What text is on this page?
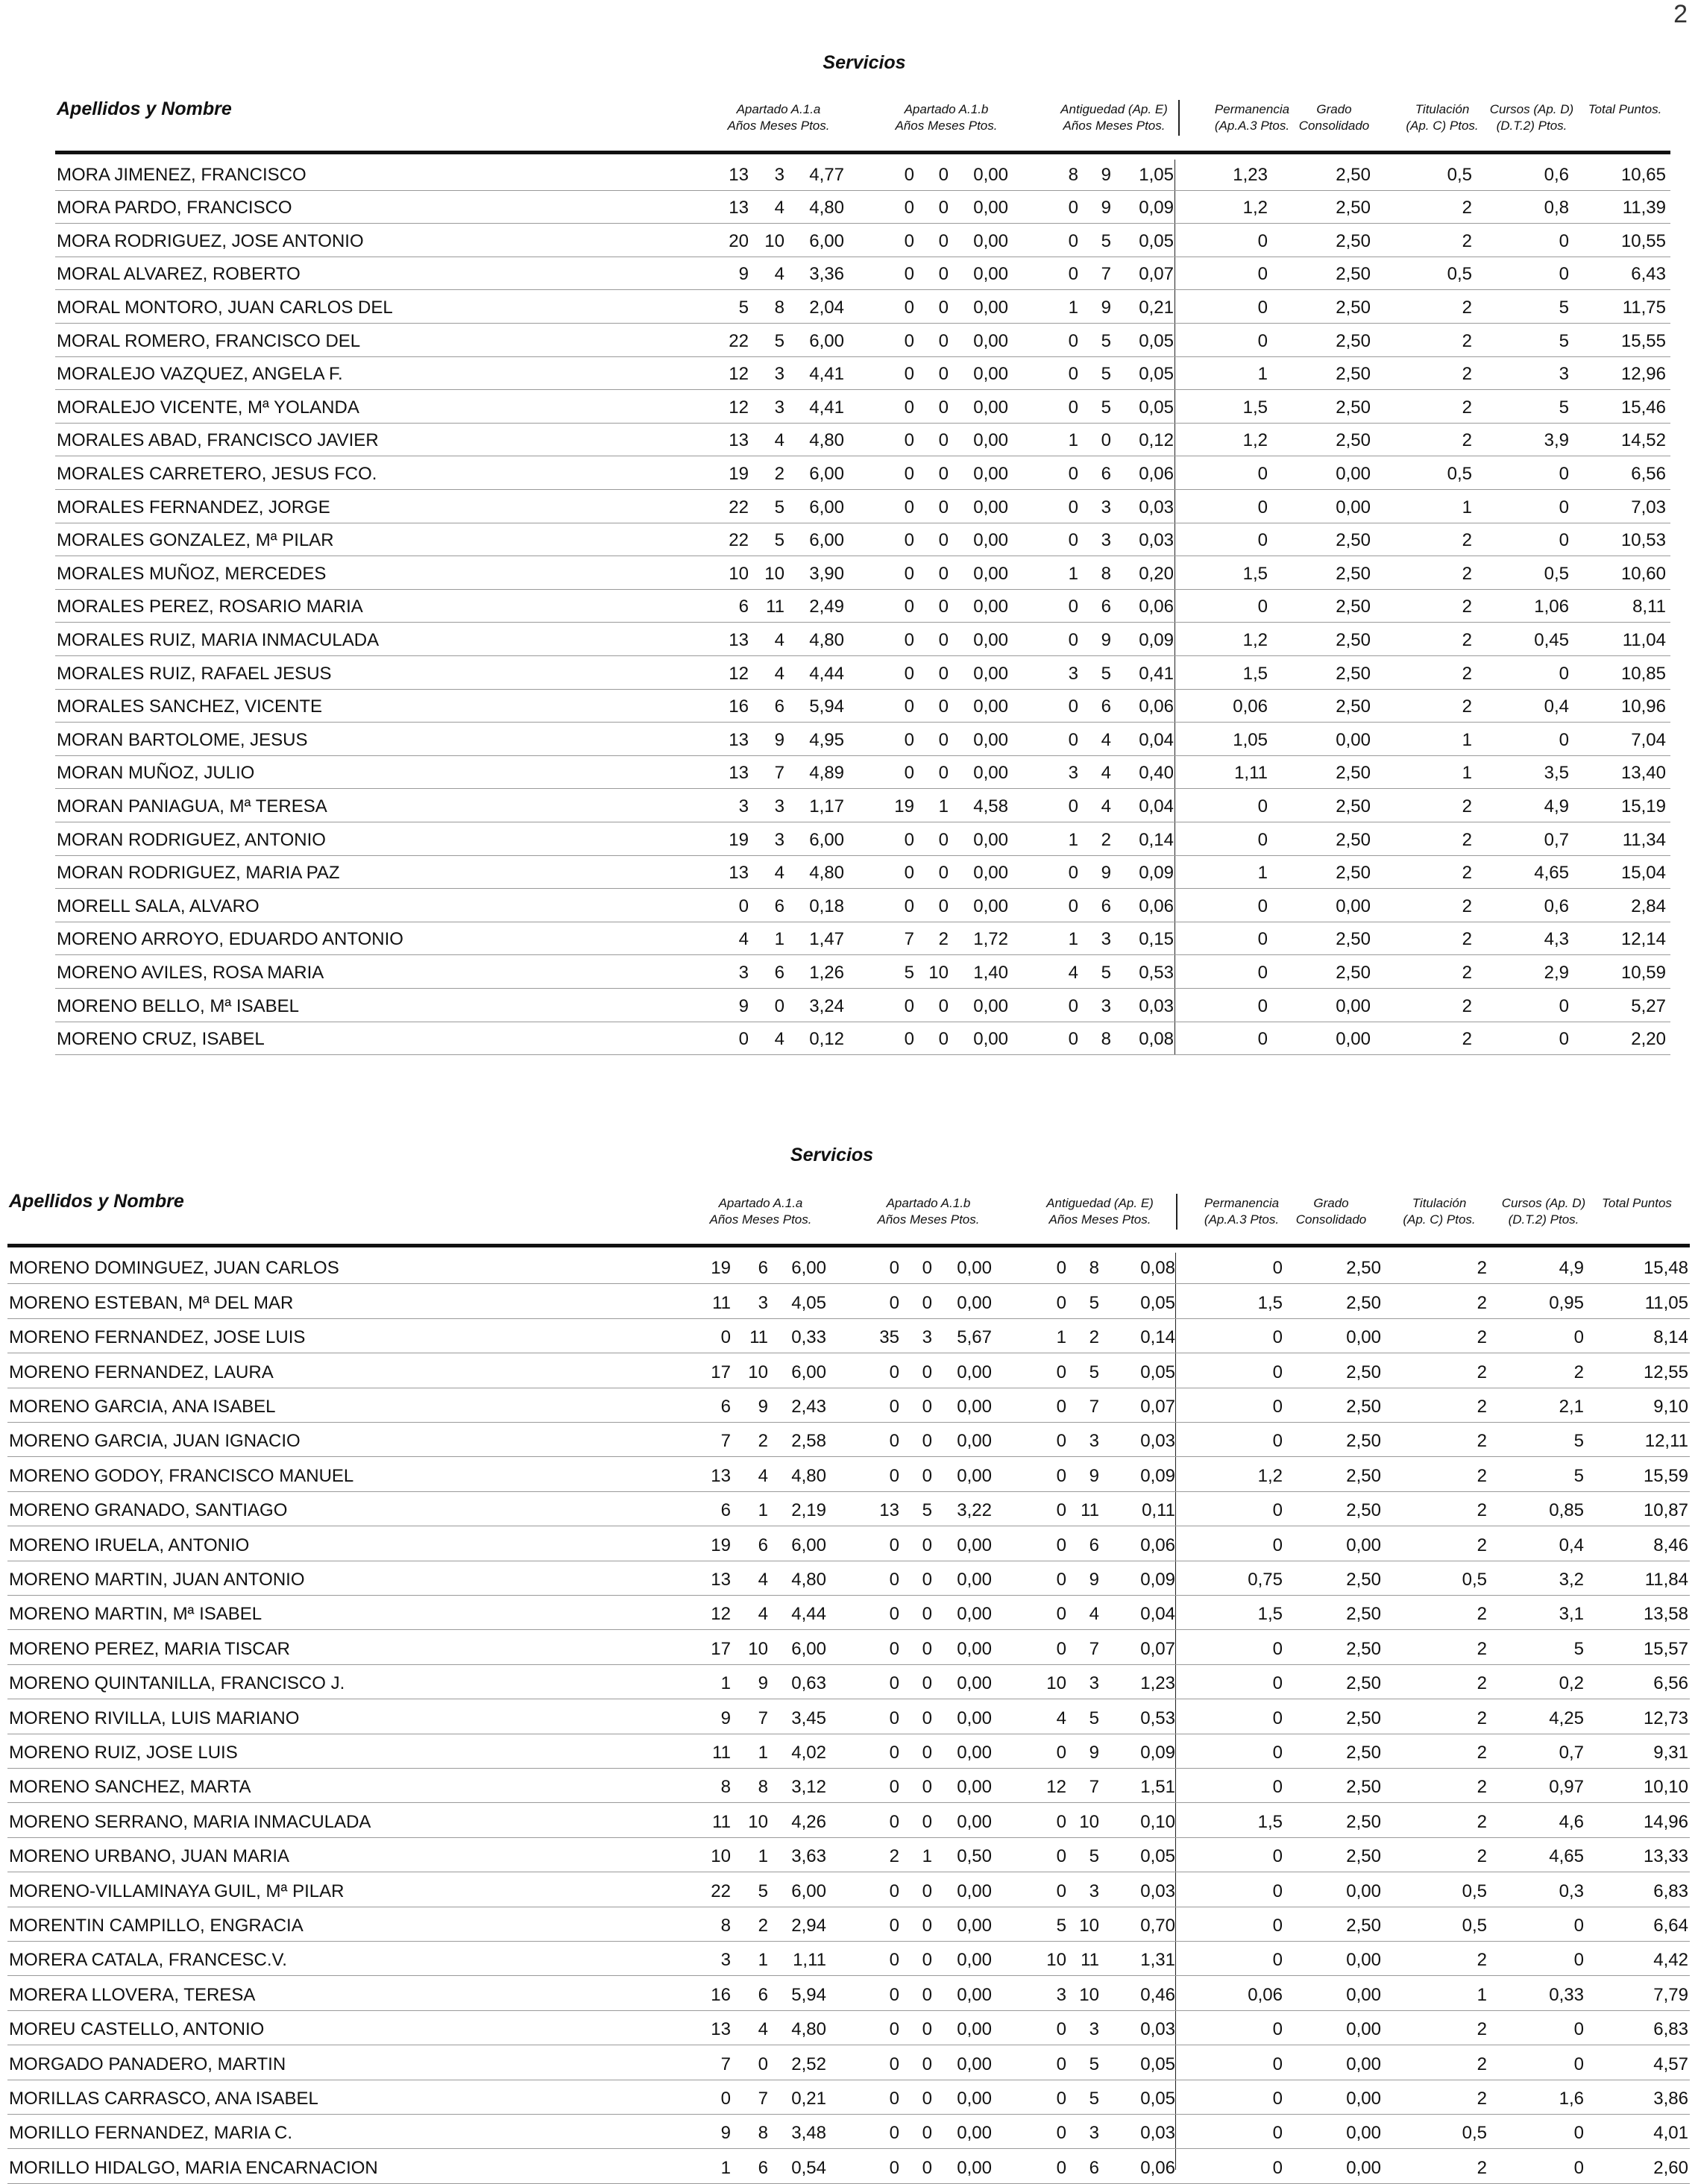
2
Servicios
Apellidos y Nombre	Apartado A.1.a
Años Meses Ptos.
Apartado A.1.b
Años Meses Ptos.
Antiguedad (Ap. E)
Años Meses Ptos.
Permanencia
(Ap.A.3 Ptos.
Grado
Consolidado
Titulación
(Ap. C) Ptos.
Cursos (Ap. D)
(D.T.2) Ptos.
Total Puntos.
MORA JIMENEZ, FRANCISCO	13 3 4,77	0 0 0,00	8 9 1,05	1,23	2,50	0,5	0,6	10,65
MORA PARDO, FRANCISCO	13 4 4,80	0 0 0,00	0 9 0,09	1,2	2,50	2	0,8	11,39
MORA RODRIGUEZ, JOSE ANTONIO	20 10 6,00	0 0 0,00	0 5 0,05	0	2,50	2	0	10,55
MORAL ALVAREZ, ROBERTO	9 4 3,36	0 0 0,00	0 7 0,07	0	2,50	0,5	0	6,43
MORAL MONTORO, JUAN CARLOS DEL	5 8 2,04	0 0 0,00	1 9 0,21	0	2,50	2	5	11,75
MORAL ROMERO, FRANCISCO DEL	22 5 6,00	0 0 0,00	0 5 0,05	0	2,50	2	5	15,55
MORALEJO VAZQUEZ, ANGELA F.	12 3 4,41	0 0 0,00	0 5 0,05	1	2,50	2	3	12,96
MORALEJO VICENTE, Mª YOLANDA	12 3 4,41	0 0 0,00	0 5 0,05	1,5	2,50	2	5	15,46
MORALES ABAD, FRANCISCO JAVIER	13 4 4,80	0 0 0,00	1 0 0,12	1,2	2,50	2	3,9	14,52
MORALES CARRETERO, JESUS FCO.	19 2 6,00	0 0 0,00	0 6 0,06	0	0,00	0,5	0	6,56
MORALES FERNANDEZ, JORGE	22 5 6,00	0 0 0,00	0 3 0,03	0	0,00	1	0	7,03
MORALES GONZALEZ, Mª PILAR	22 5 6,00	0 0 0,00	0 3 0,03	0	2,50	2	0	10,53
MORALES MUÑOZ, MERCEDES	10 10 3,90	0 0 0,00	1 8 0,20	1,5	2,50	2	0,5	10,60
MORALES PEREZ, ROSARIO MARIA	6 11 2,49	0 0 0,00	0 6 0,06	0	2,50	2	1,06	8,11
MORALES RUIZ, MARIA INMACULADA	13 4 4,80	0 0 0,00	0 9 0,09	1,2	2,50	2	0,45	11,04
MORALES RUIZ, RAFAEL JESUS	12 4 4,44	0 0 0,00	3 5 0,41	1,5	2,50	2	0	10,85
MORALES SANCHEZ, VICENTE	16 6 5,94	0 0 0,00	0 6 0,06	0,06	2,50	2	0,4	10,96
MORAN BARTOLOME, JESUS	13 9 4,95	0 0 0,00	0 4 0,04	1,05	0,00	1	0	7,04
MORAN MUÑOZ, JULIO	13 7 4,89	0 0 0,00	3 4 0,40	1,11	2,50	1	3,5	13,40
MORAN PANIAGUA, Mª TERESA	3 3 1,17	19 1 4,58	0 4 0,04	0	2,50	2	4,9	15,19
MORAN RODRIGUEZ, ANTONIO	19 3 6,00	0 0 0,00	1 2 0,14	0	2,50	2	0,7	11,34
MORAN RODRIGUEZ, MARIA PAZ	13 4 4,80	0 0 0,00	0 9 0,09	1	2,50	2	4,65	15,04
MORELL SALA, ALVARO	0 6 0,18	0 0 0,00	0 6 0,06	0	0,00	2	0,6	2,84
MORENO ARROYO, EDUARDO ANTONIO	4 1 1,47	7 2 1,72	1 3 0,15	0	2,50	2	4,3	12,14
MORENO AVILES, ROSA MARIA	3 6 1,26	5 10 1,40	4 5 0,53	0	2,50	2	2,9	10,59
MORENO BELLO, Mª ISABEL	9 0 3,24	0 0 0,00	0 3 0,03	0	0,00	2	0	5,27
MORENO CRUZ, ISABEL	0 4 0,12	0 0 0,00	0 8 0,08	0	0,00	2	0	2,20
Servicios
Apellidos y Nombre	Apartado A.1.a
Años Meses Ptos.
Apartado A.1.b
Años Meses Ptos.
Antiguedad (Ap. E)
Años Meses Ptos.
Permanencia
(Ap.A.3 Ptos.
Grado
Consolidado
Titulación
(Ap. C) Ptos.
Cursos (Ap. D)
(D.T.2) Ptos.
Total Puntos
MORENO DOMINGUEZ, JUAN CARLOS	19 6 6,00	0 0 0,00	0 8 0,08	0	2,50	2	4,9	15,48
MORENO ESTEBAN, Mª DEL MAR	11 3 4,05	0 0 0,00	0 5 0,05	1,5	2,50	2	0,95	11,05
MORENO FERNANDEZ, JOSE LUIS	0 11 0,33	35 3 5,67	1 2 0,14	0	0,00	2	0	8,14
MORENO FERNANDEZ, LAURA	17 10 6,00	0 0 0,00	0 5 0,05	0	2,50	2	2	12,55
MORENO GARCIA, ANA ISABEL	6 9 2,43	0 0 0,00	0 7 0,07	0	2,50	2	2,1	9,10
MORENO GARCIA, JUAN IGNACIO	7 2 2,58	0 0 0,00	0 3 0,03	0	2,50	2	5	12,11
MORENO GODOY, FRANCISCO MANUEL	13 4 4,80	0 0 0,00	0 9 0,09	1,2	2,50	2	5	15,59
MORENO GRANADO, SANTIAGO	6 1 2,19	13 5 3,22	0 11 0,11	0	2,50	2	0,85	10,87
MORENO IRUELA, ANTONIO	19 6 6,00	0 0 0,00	0 6 0,06	0	0,00	2	0,4	8,46
MORENO MARTIN, JUAN ANTONIO	13 4 4,80	0 0 0,00	0 9 0,09	0,75	2,50	0,5	3,2	11,84
MORENO MARTIN, Mª ISABEL	12 4 4,44	0 0 0,00	0 4 0,04	1,5	2,50	2	3,1	13,58
MORENO PEREZ, MARIA TISCAR	17 10 6,00	0 0 0,00	0 7 0,07	0	2,50	2	5	15,57
MORENO QUINTANILLA, FRANCISCO J.	1 9 0,63	0 0 0,00	10 3 1,23	0	2,50	2	0,2	6,56
MORENO RIVILLA, LUIS MARIANO	9 7 3,45	0 0 0,00	4 5 0,53	0	2,50	2	4,25	12,73
MORENO RUIZ, JOSE LUIS	11 1 4,02	0 0 0,00	0 9 0,09	0	2,50	2	0,7	9,31
MORENO SANCHEZ, MARTA	8 8 3,12	0 0 0,00	12 7 1,51	0	2,50	2	0,97	10,10
MORENO SERRANO, MARIA INMACULADA	11 10 4,26	0 0 0,00	0 10 0,10	1,5	2,50	2	4,6	14,96
MORENO URBANO, JUAN MARIA	10 1 3,63	2 1 0,50	0 5 0,05	0	2,50	2	4,65	13,33
MORENO-VILLAMINAYA GUIL, Mª PILAR	22 5 6,00	0 0 0,00	0 3 0,03	0	0,00	0,5	0,3	6,83
MORENTIN CAMPILLO, ENGRACIA	8 2 2,94	0 0 0,00	5 10 0,70	0	2,50	0,5	0	6,64
MORERA CATALA, FRANCESC.V.	3 1 1,11	0 0 0,00	10 11 1,31	0	0,00	2	0	4,42
MORERA LLOVERA, TERESA	16 6 5,94	0 0 0,00	3 10 0,46	0,06	0,00	1	0,33	7,79
MOREU CASTELLO, ANTONIO	13 4 4,80	0 0 0,00	0 3 0,03	0	0,00	2	0	6,83
MORGADO PANADERO, MARTIN	7 0 2,52	0 0 0,00	0 5 0,05	0	0,00	2	0	4,57
MORILLAS CARRASCO, ANA ISABEL	0 7 0,21	0 0 0,00	0 5 0,05	0	0,00	2	1,6	3,86
MORILLO FERNANDEZ, MARIA C.	9 8 3,48	0 0 0,00	0 3 0,03	0	0,00	0,5	0	4,01
MORILLO HIDALGO, MARIA ENCARNACION	1 6 0,54	0 0 0,00	0 6 0,06	0	0,00	2	0	2,60
